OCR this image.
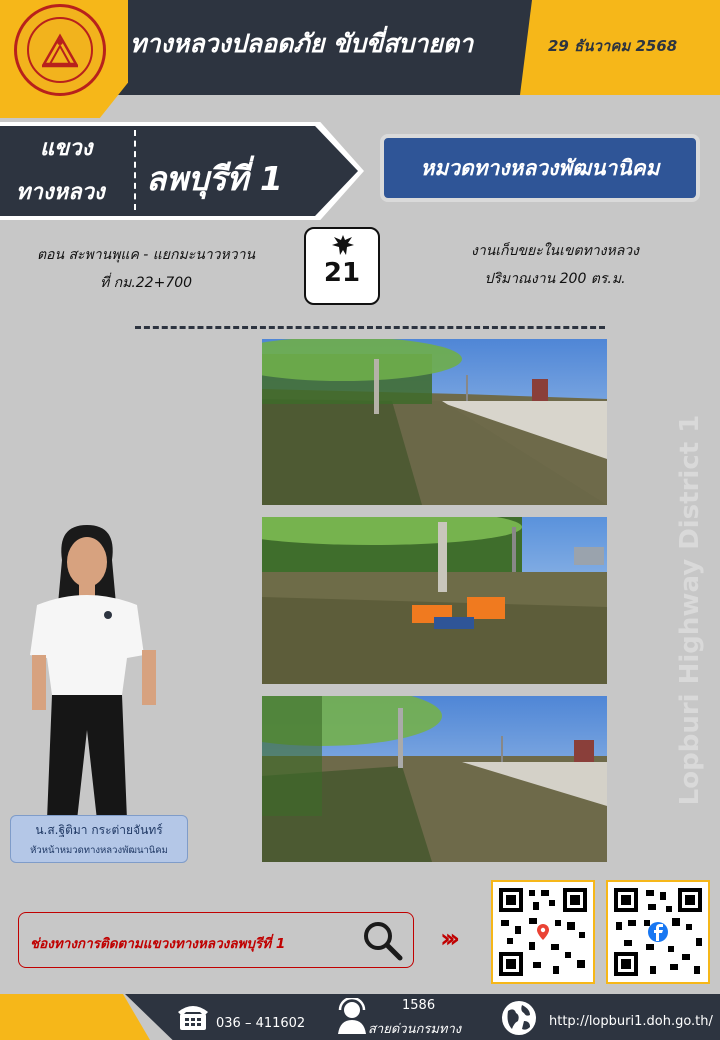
ทางหลวงปลอดภัย ขับขี่สบายตา	29 ธันวาคม 2568
แขวง
ทางหลวง ลพบุรีที่ 1	หมวดทางหลวงพัฒนานิคม
ตอน สะพานพุแค - แยกมะนาวหวาน
ที่ กม.22+700	21
งานเก็บขยะในเขตทางหลวง
ปริมาณงาน 200 ตร.ม.
Lopburi Highway District 1
น.ส.ฐิติมา กระต่ายจันทร์
หัวหน้าหมวดทางหลวงพัฒนานิคม
ช่องทางการติดตามแขวงทางหลวงลพบุรีที่ 1	›››
036 – 411602
1586
สายด่วนกรมทาง
http://lopburi1.doh.go.th/
